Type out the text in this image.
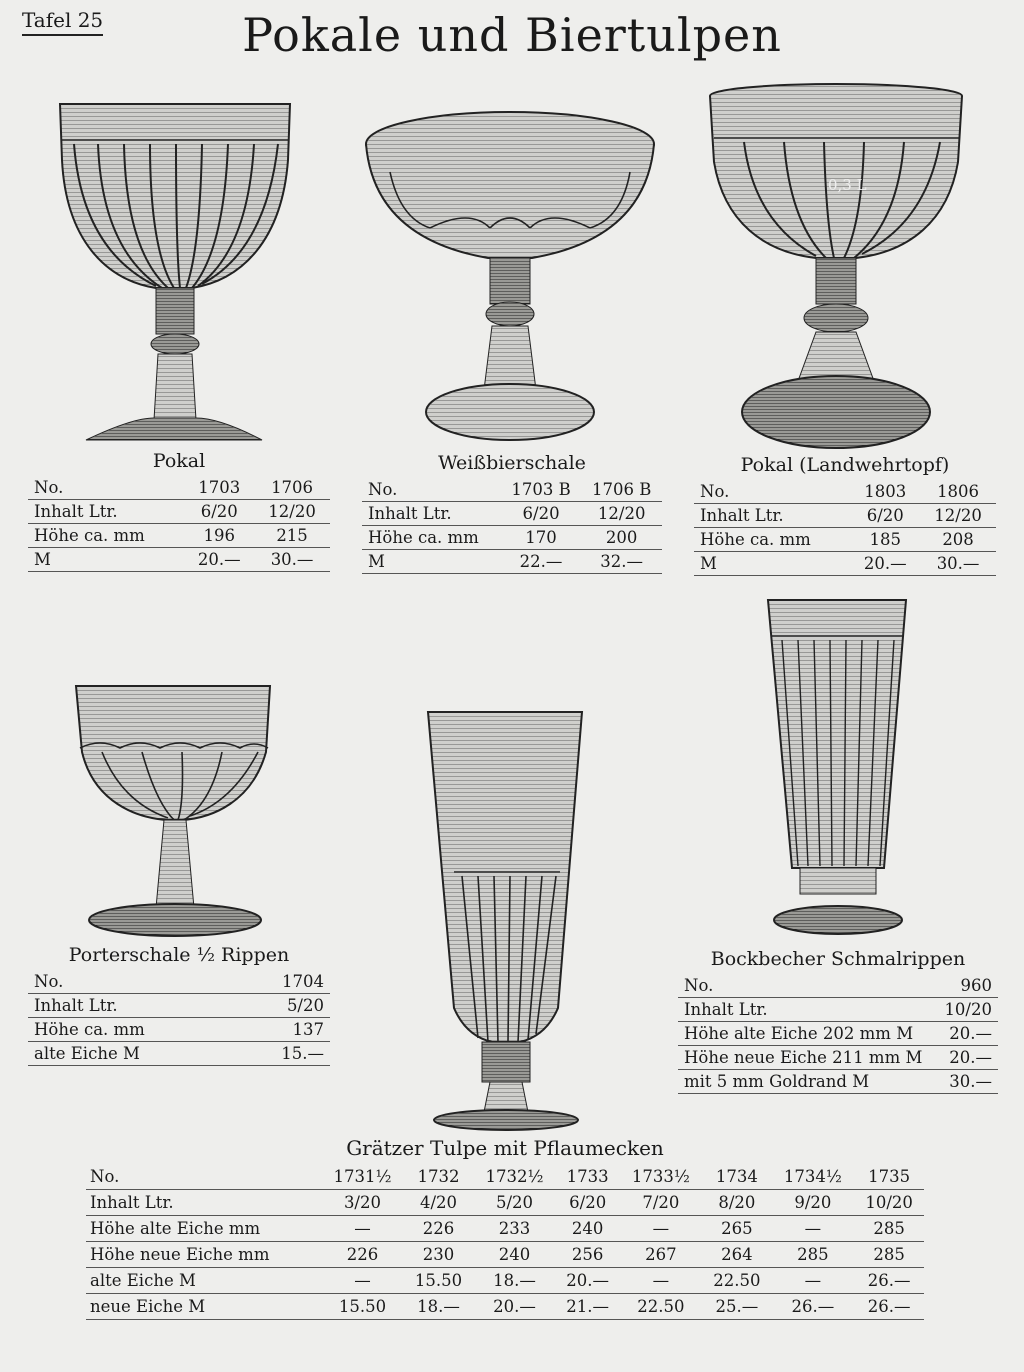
Tafel 25	Pokale und Biertulpen
0,3 L
Pokal
No.	1703	1706
Inhalt Ltr.	6/20	12/20
Höhe ca. mm	196	215
M	20.—	30.—
Weißbierschale
No.	1703 B	1706 B
Inhalt Ltr.	6/20	12/20
Höhe ca. mm	170	200
M	22.—	32.—
Pokal (Landwehrtopf)
No.	1803	1806
Inhalt Ltr.	6/20	12/20
Höhe ca. mm	185	208
M	20.—	30.—
Porterschale ½ Rippen
No.	1704
Inhalt Ltr.	5/20
Höhe ca. mm	137
alte Eiche M	15.—
Bockbecher Schmalrippen
No.	960
Inhalt Ltr.	10/20
Höhe alte Eiche 202 mm M	20.—
Höhe neue Eiche 211 mm M	20.—
mit 5 mm Goldrand M	30.—
Grätzer Tulpe mit Pflaumecken
No.	1731½	1732	1732½	1733	1733½	1734	1734½	1735
Inhalt Ltr.	3/20	4/20	5/20	6/20	7/20	8/20	9/20	10/20
Höhe alte Eiche mm	—	226	233	240	—	265	—	285
Höhe neue Eiche mm	226	230	240	256	267	264	285	285
alte Eiche M	—	15.50	18.—	20.—	—	22.50	—	26.—
neue Eiche M	15.50	18.—	20.—	21.—	22.50	25.—	26.—	26.—
